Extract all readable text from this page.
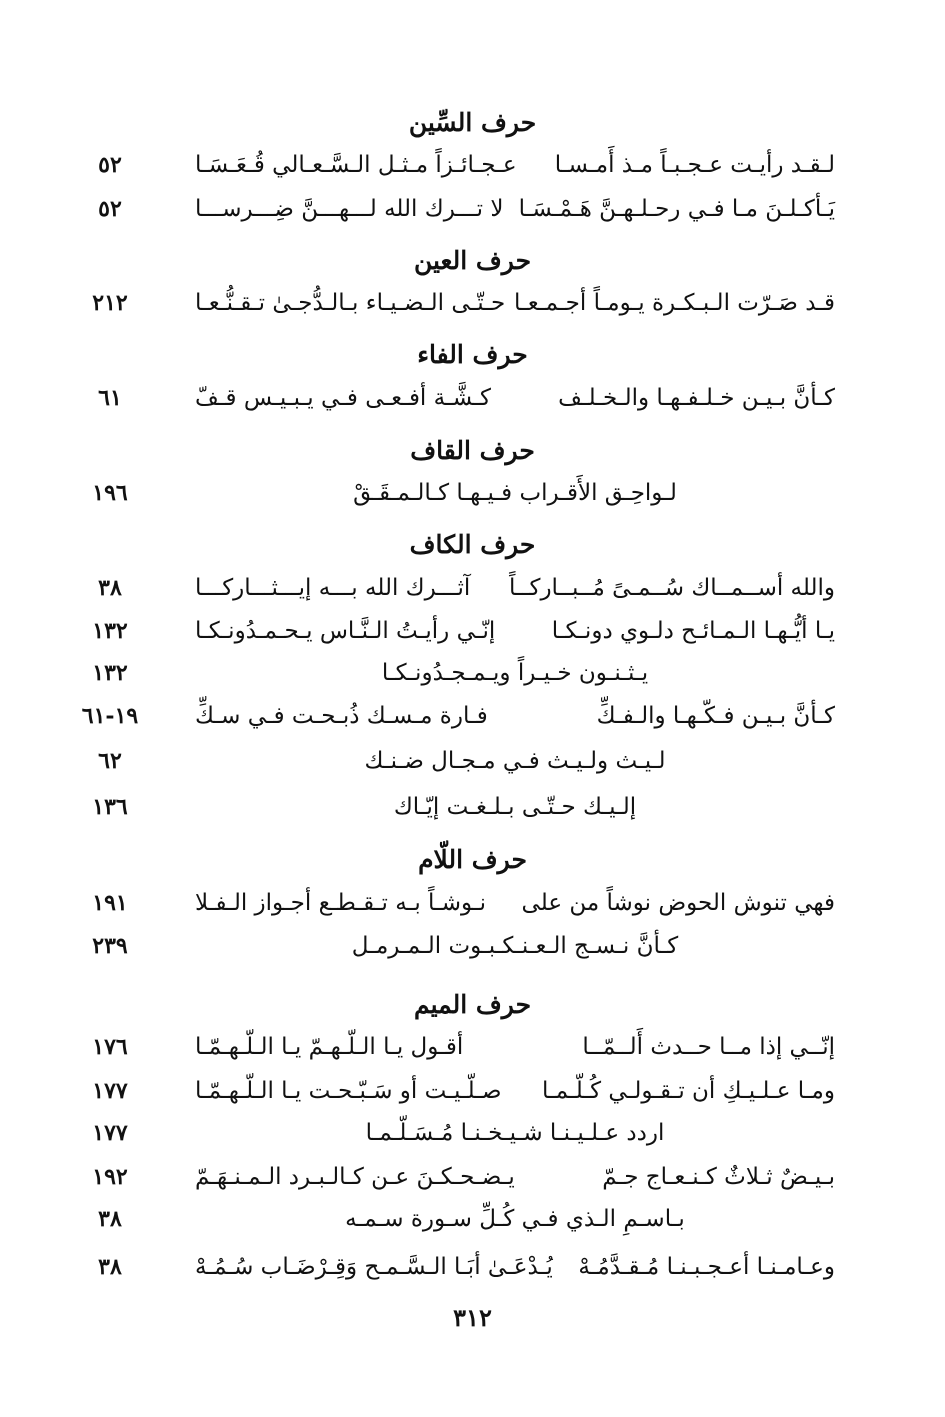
حرف السِّين
لـقـد رأيـت عـجـبـاً مـذ أَمـسـا
عـجـائـزاً مـثـل الـسَّـعـالي قُـعَـسَـا
٥٢
يَـأكـلـنَ مـا فـي رحـلـهـنَّ هَـمْـسَـا
لا تـــرك الله لـــهـــنَّ ضِـــرســـا
٥٢
حرف العين
قـد صَـرّت الـبـكـرة يـومـاً أجـمـعـا
حـتّـى الـضـيـاء بـالـدُّجـىٰ تـقـنُّـعـا
٢١٢
حرف الفاء
كـأنَّ بـيـن خـلـفـهـا والـخـلـف
كـشَّـة أفـعـى فـي يـبـيـس قـفّ
٦١
حرف القاف
لـواحِـق الأَقـراب فـيـهـا كـالـمـقَـقْ
١٩٦
حرف الكاف
والله أســمــاك سُــمـىً مُــبــاركــاً
آثـــرك الله بـــه إيـــثـــاركـــا
٣٨
يـا أيُّـهـا الـمـائـح دلـوي دونـكـا
إنّـي رأيـتُ الـنَّـاس يـحـمـدُونـكـا
١٣٢
يـثـنـون خـيـراً ويـمـجـدُونـكـا
١٣٢
كـأنَّ بـيـن فـكّـهـا والـفـكِّ
فـارة مـسـك ذُبـحـت فـي سـكِّ
١٩-٦١
لـيـث ولـيـث فـي مـجـال ضـنـك
٦٢
إلـيـك حـتّـى بـلـغـت إيّـاك
١٣٦
حرف اللّام
فهي تنوش الحوض نوشاً من علی
نـوشـاً بـه تـقـطـع أجـواز الـفـلا
١٩١
كـأنَّ نـسـج الـعـنـكـبـوت الـمـرمـل
٢٣٩
حرف الميم
إنّــي إذا مــا حــدث أَلــمّــا
أقـول يـا الـلّـهـمّ يـا الـلّـهـمّـا
١٧٦
ومـا عـلـيـكِ أن تـقـولـي كُـلّـمـا
صـلّـيـت أو سَـبّـحـت يـا الـلّـهـمّـا
١٧٧
اردد عـلـيـنـا شـيـخـنـا مُـسَـلّـمـا
١٧٧
بـيـضٌ ثـلاثٌ كـنـعـاج جـمّ
يـضـحـكـنَ عـن كـالـبـرد الـمـنـهَـمّ
١٩٢
بـاسـمِ الـذي فـي كُـلِّ سـورة سـمـه
٣٨
وعـامـنـا أعـجـبـنـا مُـقـدَّمُـهْ
يُـدْعَـىٰ أبَـا الـسَّـمـح وَقِـرْضَـاب سُـمُـهْ
٣٨
٣١٢
